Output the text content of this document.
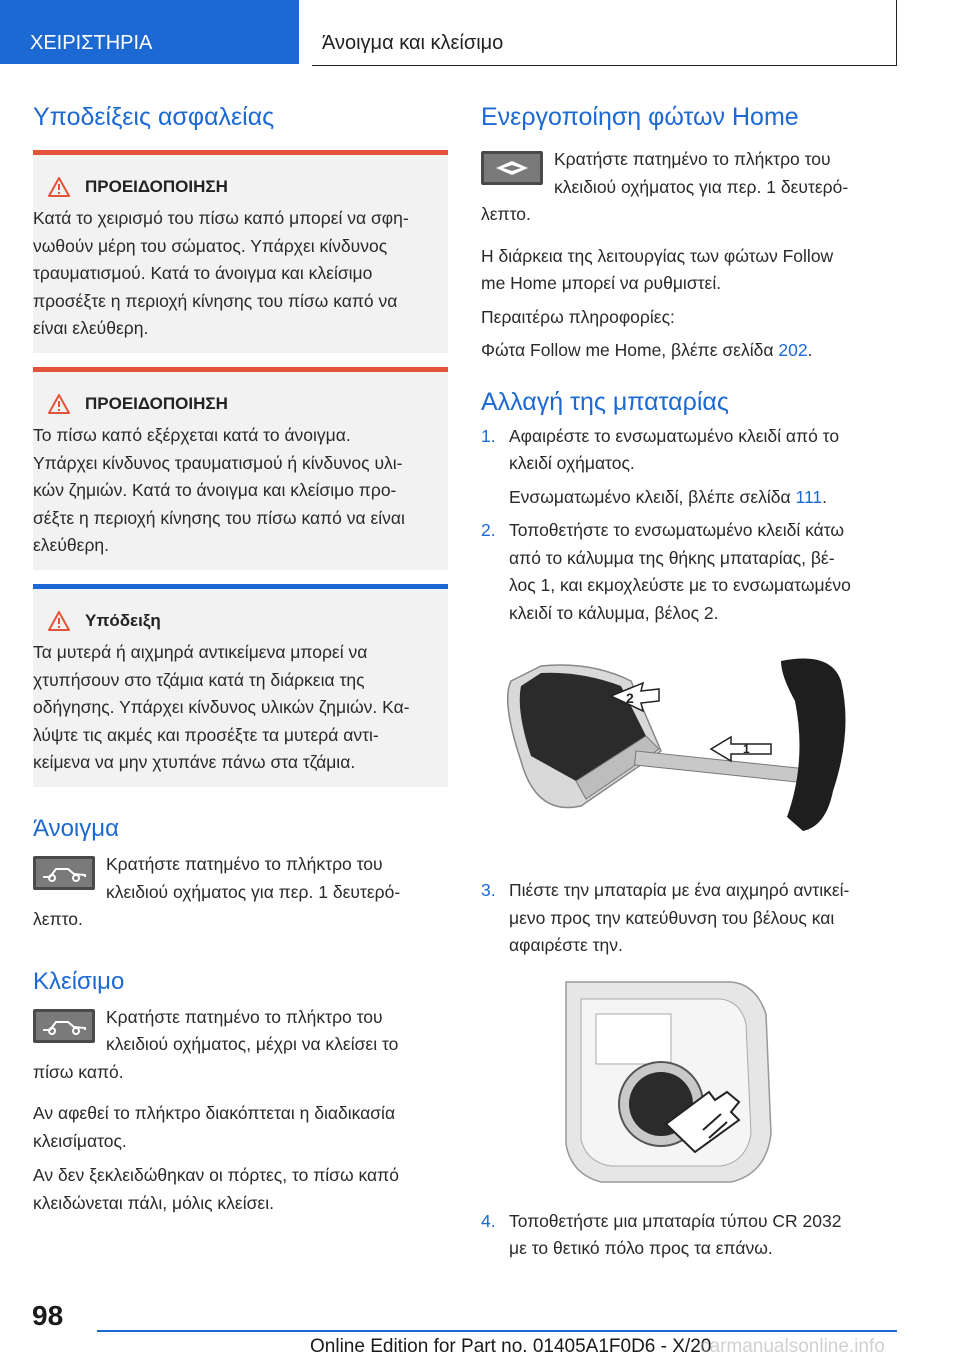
ΧΕΙΡΙΣΤΗΡΙΑ	Άνοιγμα και κλείσιμο
Υποδείξεις ασφαλείας
ΠΡΟΕΙΔΟΠΟΙΗΣΗ
Κατά το χειρισμό του πίσω καπό μπορεί να σφη‐
νωθούν μέρη του σώματος. Υπάρχει κίνδυνος
τραυματισμού. Κατά το άνοιγμα και κλείσιμο
προσέξτε η περιοχή κίνησης του πίσω καπό να
είναι ελεύθερη.
ΠΡΟΕΙΔΟΠΟΙΗΣΗ
Το πίσω καπό εξέρχεται κατά το άνοιγμα.
Υπάρχει κίνδυνος τραυματισμού ή κίνδυνος υλι‐
κών ζημιών. Κατά το άνοιγμα και κλείσιμο προ‐
σέξτε η περιοχή κίνησης του πίσω καπό να είναι
ελεύθερη.
Υπόδειξη
Τα μυτερά ή αιχμηρά αντικείμενα μπορεί να
χτυπήσουν στο τζάμια κατά τη διάρκεια της
οδήγησης. Υπάρχει κίνδυνος υλικών ζημιών. Κα‐
λύψτε τις ακμές και προσέξτε τα μυτερά αντι‐
κείμενα να μην χτυπάνε πάνω στα τζάμια.
Άνοιγμα
Κρατήστε πατημένο το πλήκτρο του
κλειδιού οχήματος για περ. 1 δευτερό‐
λεπτο.
Κλείσιμο
Κρατήστε πατημένο το πλήκτρο του
κλειδιού οχήματος, μέχρι να κλείσει το
πίσω καπό.

Αν αφεθεί το πλήκτρο διακόπτεται η διαδικασία
κλεισίματος.

Αν δεν ξεκλειδώθηκαν οι πόρτες, το πίσω καπό
κλειδώνεται πάλι, μόλις κλείσει.

Ενεργοποίηση φώτων Home
Κρατήστε πατημένο το πλήκτρο του
κλειδιού οχήματος για περ. 1 δευτερό‐
λεπτο.

Η διάρκεια της λειτουργίας των φώτων Follow
me Home μπορεί να ρυθμιστεί.

Περαιτέρω πληροφορίες:

Φώτα Follow me Home, βλέπε σελίδα 202.

Αλλαγή της μπαταρίας
1. Αφαιρέστε το ενσωματωμένο κλειδί από το
κλειδί οχήματος.
Ενσωματωμένο κλειδί, βλέπε σελίδα 111.
2. Τοποθετήστε το ενσωματωμένο κλειδί κάτω
από το κάλυμμα της θήκης μπαταρίας, βέ‐
λος 1, και εκμοχλεύστε με το ενσωματωμένο
κλειδί το κάλυμμα, βέλος 2.
2
1
3. Πιέστε την μπαταρία με ένα αιχμηρό αντικεί‐
μενο προς την κατεύθυνση του βέλους και
αφαιρέστε την.
4. Τοποθετήστε μια μπαταρία τύπου CR 2032
με το θετικό πόλο προς τα επάνω.
98
Online Edition for Part no. 01405A1F0D6 - X/20
carmanualsonline.info
